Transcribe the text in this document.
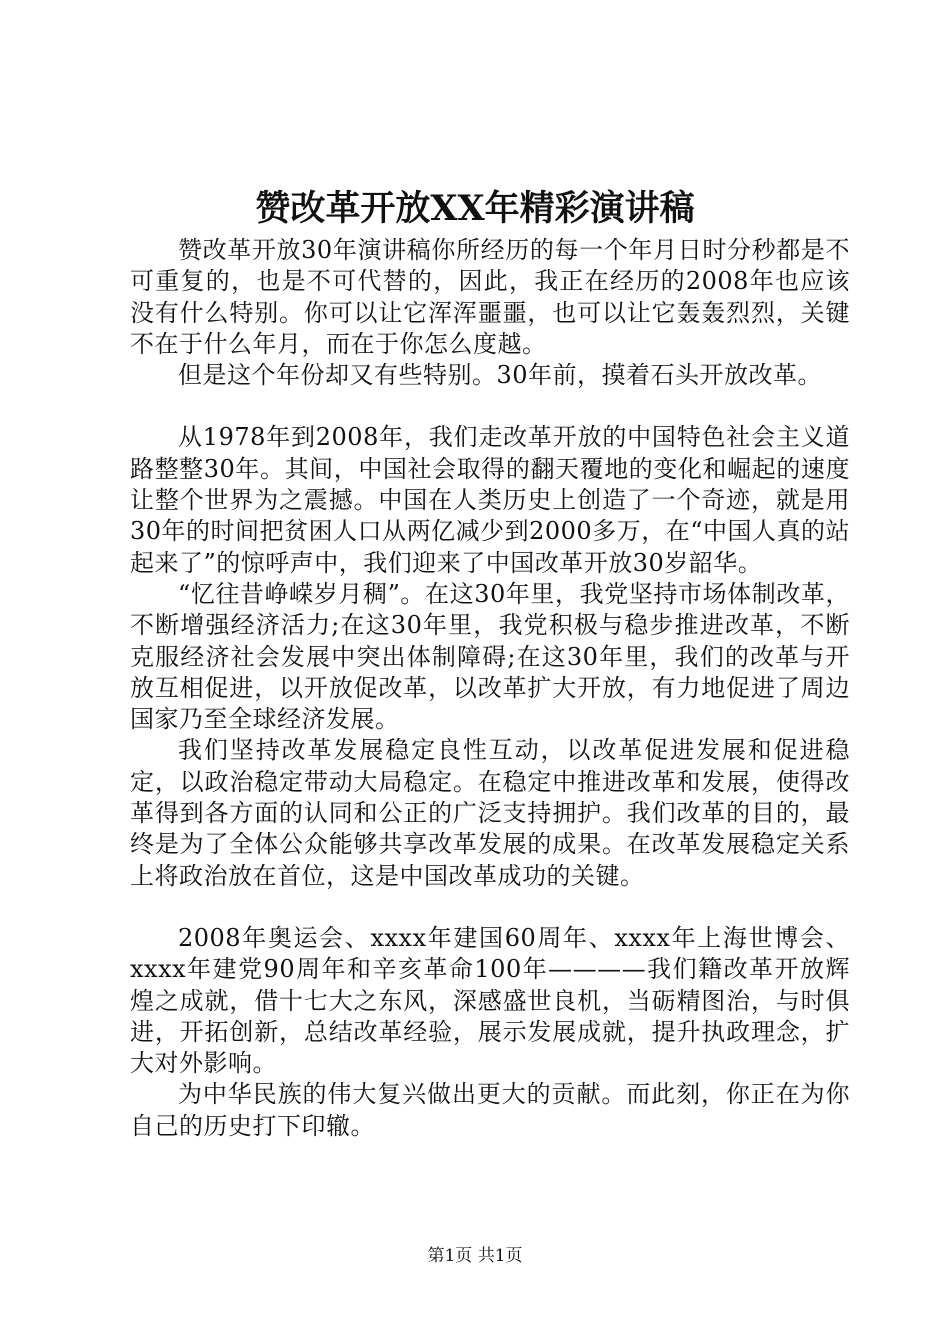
赞改革开放XX年精彩演讲稿

赞改革开放30年演讲稿你所经历的每一个年月日时分秒都是不可重复的，也是不可代替的，因此，我正在经历的2008年也应该没有什么特别。你可以让它浑浑噩噩，也可以让它轰轰烈烈，关键不在于什么年月，而在于你怎么度越。

但是这个年份却又有些特别。30年前，摸着石头开放改革。

从1978年到2008年，我们走改革开放的中国特色社会主义道路整整30年。其间，中国社会取得的翻天覆地的变化和崛起的速度让整个世界为之震撼。中国在人类历史上创造了一个奇迹，就是用30年的时间把贫困人口从两亿减少到2000多万，在“中国人真的站起来了”的惊呼声中，我们迎来了中国改革开放30岁韶华。

“忆往昔峥嵘岁月稠”。在这30年里，我党坚持市场体制改革，不断增强经济活力;在这30年里，我党积极与稳步推进改革，不断克服经济社会发展中突出体制障碍;在这30年里，我们的改革与开放互相促进，以开放促改革，以改革扩大开放，有力地促进了周边国家乃至全球经济发展。

我们坚持改革发展稳定良性互动，以改革促进发展和促进稳定，以政治稳定带动大局稳定。在稳定中推进改革和发展，使得改革得到各方面的认同和公正的广泛支持拥护。我们改革的目的，最终是为了全体公众能够共享改革发展的成果。在改革发展稳定关系上将政治放在首位，这是中国改革成功的关键。

2008年奥运会、xxxx年建国60周年、xxxx年上海世博会、xxxx年建党90周年和辛亥革命100年————我们籍改革开放辉煌之成就，借十七大之东风，深感盛世良机，当砺精图治，与时俱进，开拓创新，总结改革经验，展示发展成就，提升执政理念，扩大对外影响。

为中华民族的伟大复兴做出更大的贡献。而此刻，你正在为你自己的历史打下印辙。

第1页 共1页
